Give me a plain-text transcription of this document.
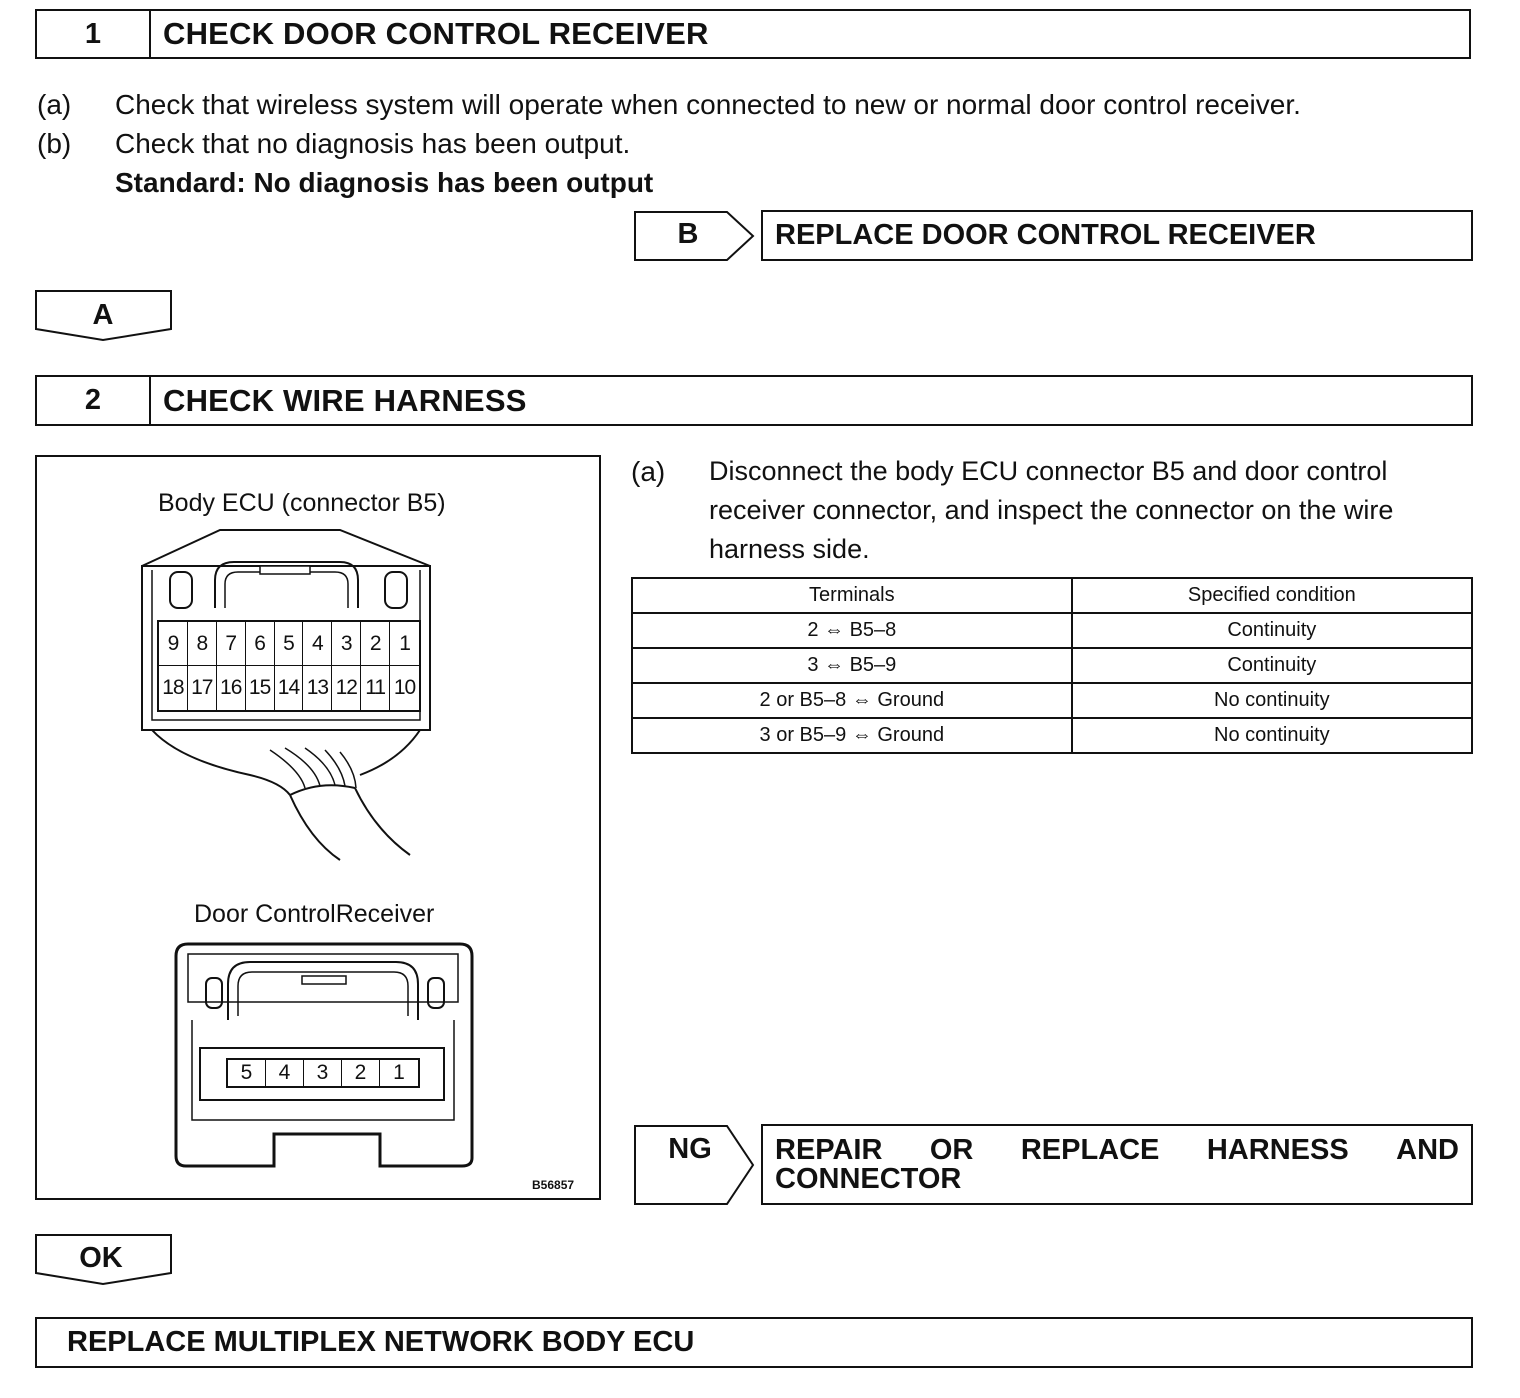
1	CHECK DOOR CONTROL RECEIVER
(a) Check that wireless system will operate when connected to new or normal door control receiver.
(b) Check that no diagnosis has been output.
Standard: No diagnosis has been output
B	REPLACE DOOR CONTROL RECEIVER
A
2	CHECK WIRE HARNESS
Body ECU (connector B5)
9 8 7 6 5 4 3 2 1
18 17 16 15 14 13 12 11 10
Door ControlReceiver
5	4	3	2	1
B56857
(a) Disconnect the body ECU connector B5 and door control
receiver connector, and inspect the connector on the wire
harness side.
Terminals	Specified condition
2 ⇔ B5–8	Continuity
3 ⇔ B5–9	Continuity
2 or B5–8 ⇔ Ground	No continuity
3 or B5–9 ⇔ Ground	No continuity
NG	REPAIR OR REPLACE HARNESS AND
CONNECTOR
OK
REPLACE MULTIPLEX NETWORK BODY ECU
